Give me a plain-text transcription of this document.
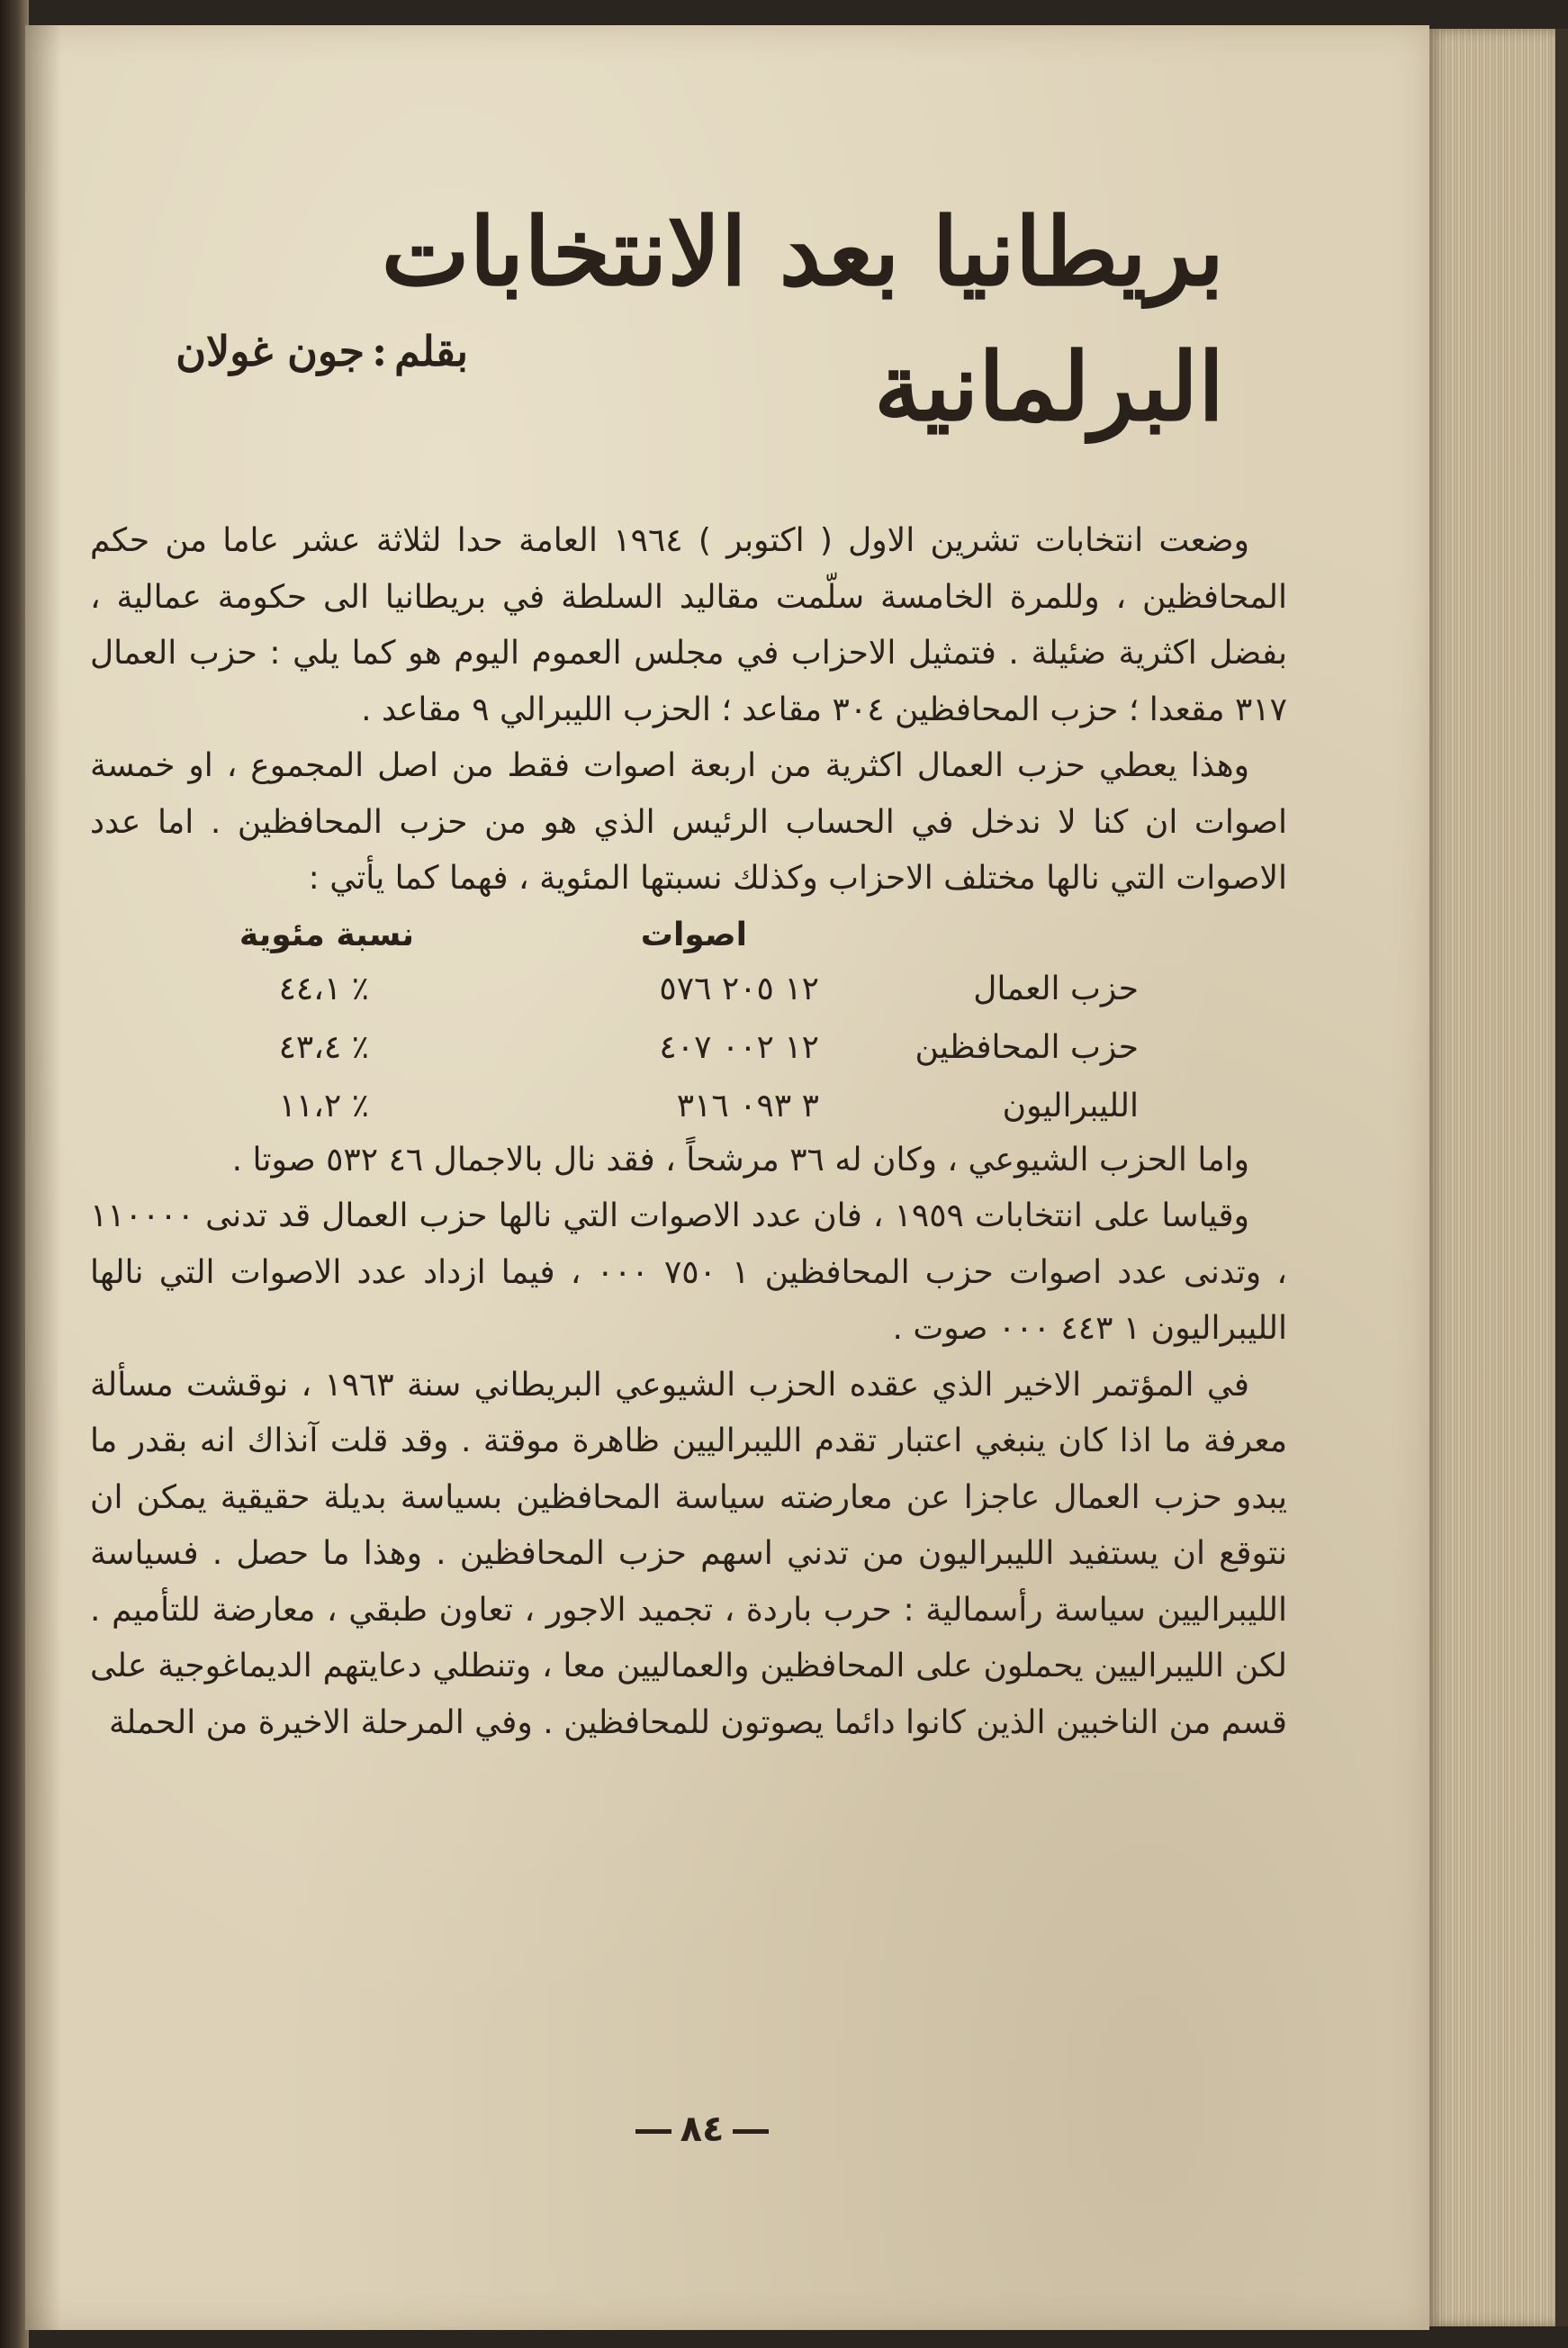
بريطانيا بعد الانتخابات البرلمانية
بقلم:جون غولان

وضعت انتخابات تشرين الاول ( اكتوبر ) ١٩٦٤ العامة حدا لثلاثة عشر عاما من حكم المحافظين ، وللمرة الخامسة سلّمت مقاليد السلطة في بريطانيا الى حكومة عمالية ، بفضل اكثرية ضئيلة . فتمثيل الاحزاب في مجلس العموم اليوم هو كما يلي : حزب العمال ٣١٧ مقعدا ؛ حزب المحافظين ٣٠٤ مقاعد ؛ الحزب الليبرالي ٩ مقاعد .

وهذا يعطي حزب العمال اكثرية من اربعة اصوات فقط من اصل المجموع ، او خمسة اصوات ان كنا لا ندخل في الحساب الرئيس الذي هو من حزب المحافظين . اما عدد الاصوات التي نالها مختلف الاحزاب وكذلك نسبتها المئوية ، فهما كما يأتي :

اصوات
نسبة مئوية
حزب العمال
١٢ ٢٠٥ ٥٧٦
٪ ٤٤،١
حزب المحافظين
١٢ ٠٠٢ ٤٠٧
٪ ٤٣،٤
الليبراليون
٣ ٠٩٣ ٣١٦
٪ ١١،٢

واما الحزب الشيوعي ، وكان له ٣٦ مرشحاً ، فقد نال بالاجمال ٤٦ ٥٣٢ صوتا .

وقياسا على انتخابات ١٩٥٩ ، فان عدد الاصوات التي نالها حزب العمال قد تدنى ١١٠٠٠٠ ، وتدنى عدد اصوات حزب المحافظين ١ ٧٥٠ ٠٠٠ ، فيما ازداد عدد الاصوات التي نالها الليبراليون ١ ٤٤٣ ٠٠٠ صوت .

في المؤتمر الاخير الذي عقده الحزب الشيوعي البريطاني سنة ١٩٦٣ ، نوقشت مسألة معرفة ما اذا كان ينبغي اعتبار تقدم الليبراليين ظاهرة موقتة . وقد قلت آنذاك انه بقدر ما يبدو حزب العمال عاجزا عن معارضته سياسة المحافظين بسياسة بديلة حقيقية يمكن ان نتوقع ان يستفيد الليبراليون من تدني اسهم حزب المحافظين . وهذا ما حصل . فسياسة الليبراليين سياسة رأسمالية : حرب باردة ، تجميد الاجور ، تعاون طبقي ، معارضة للتأميم . لكن الليبراليين يحملون على المحافظين والعماليين معا ، وتنطلي دعايتهم الديماغوجية على قسم من الناخبين الذين كانوا دائما يصوتون للمحافظين . وفي المرحلة الاخيرة من الحملة

٨٤
